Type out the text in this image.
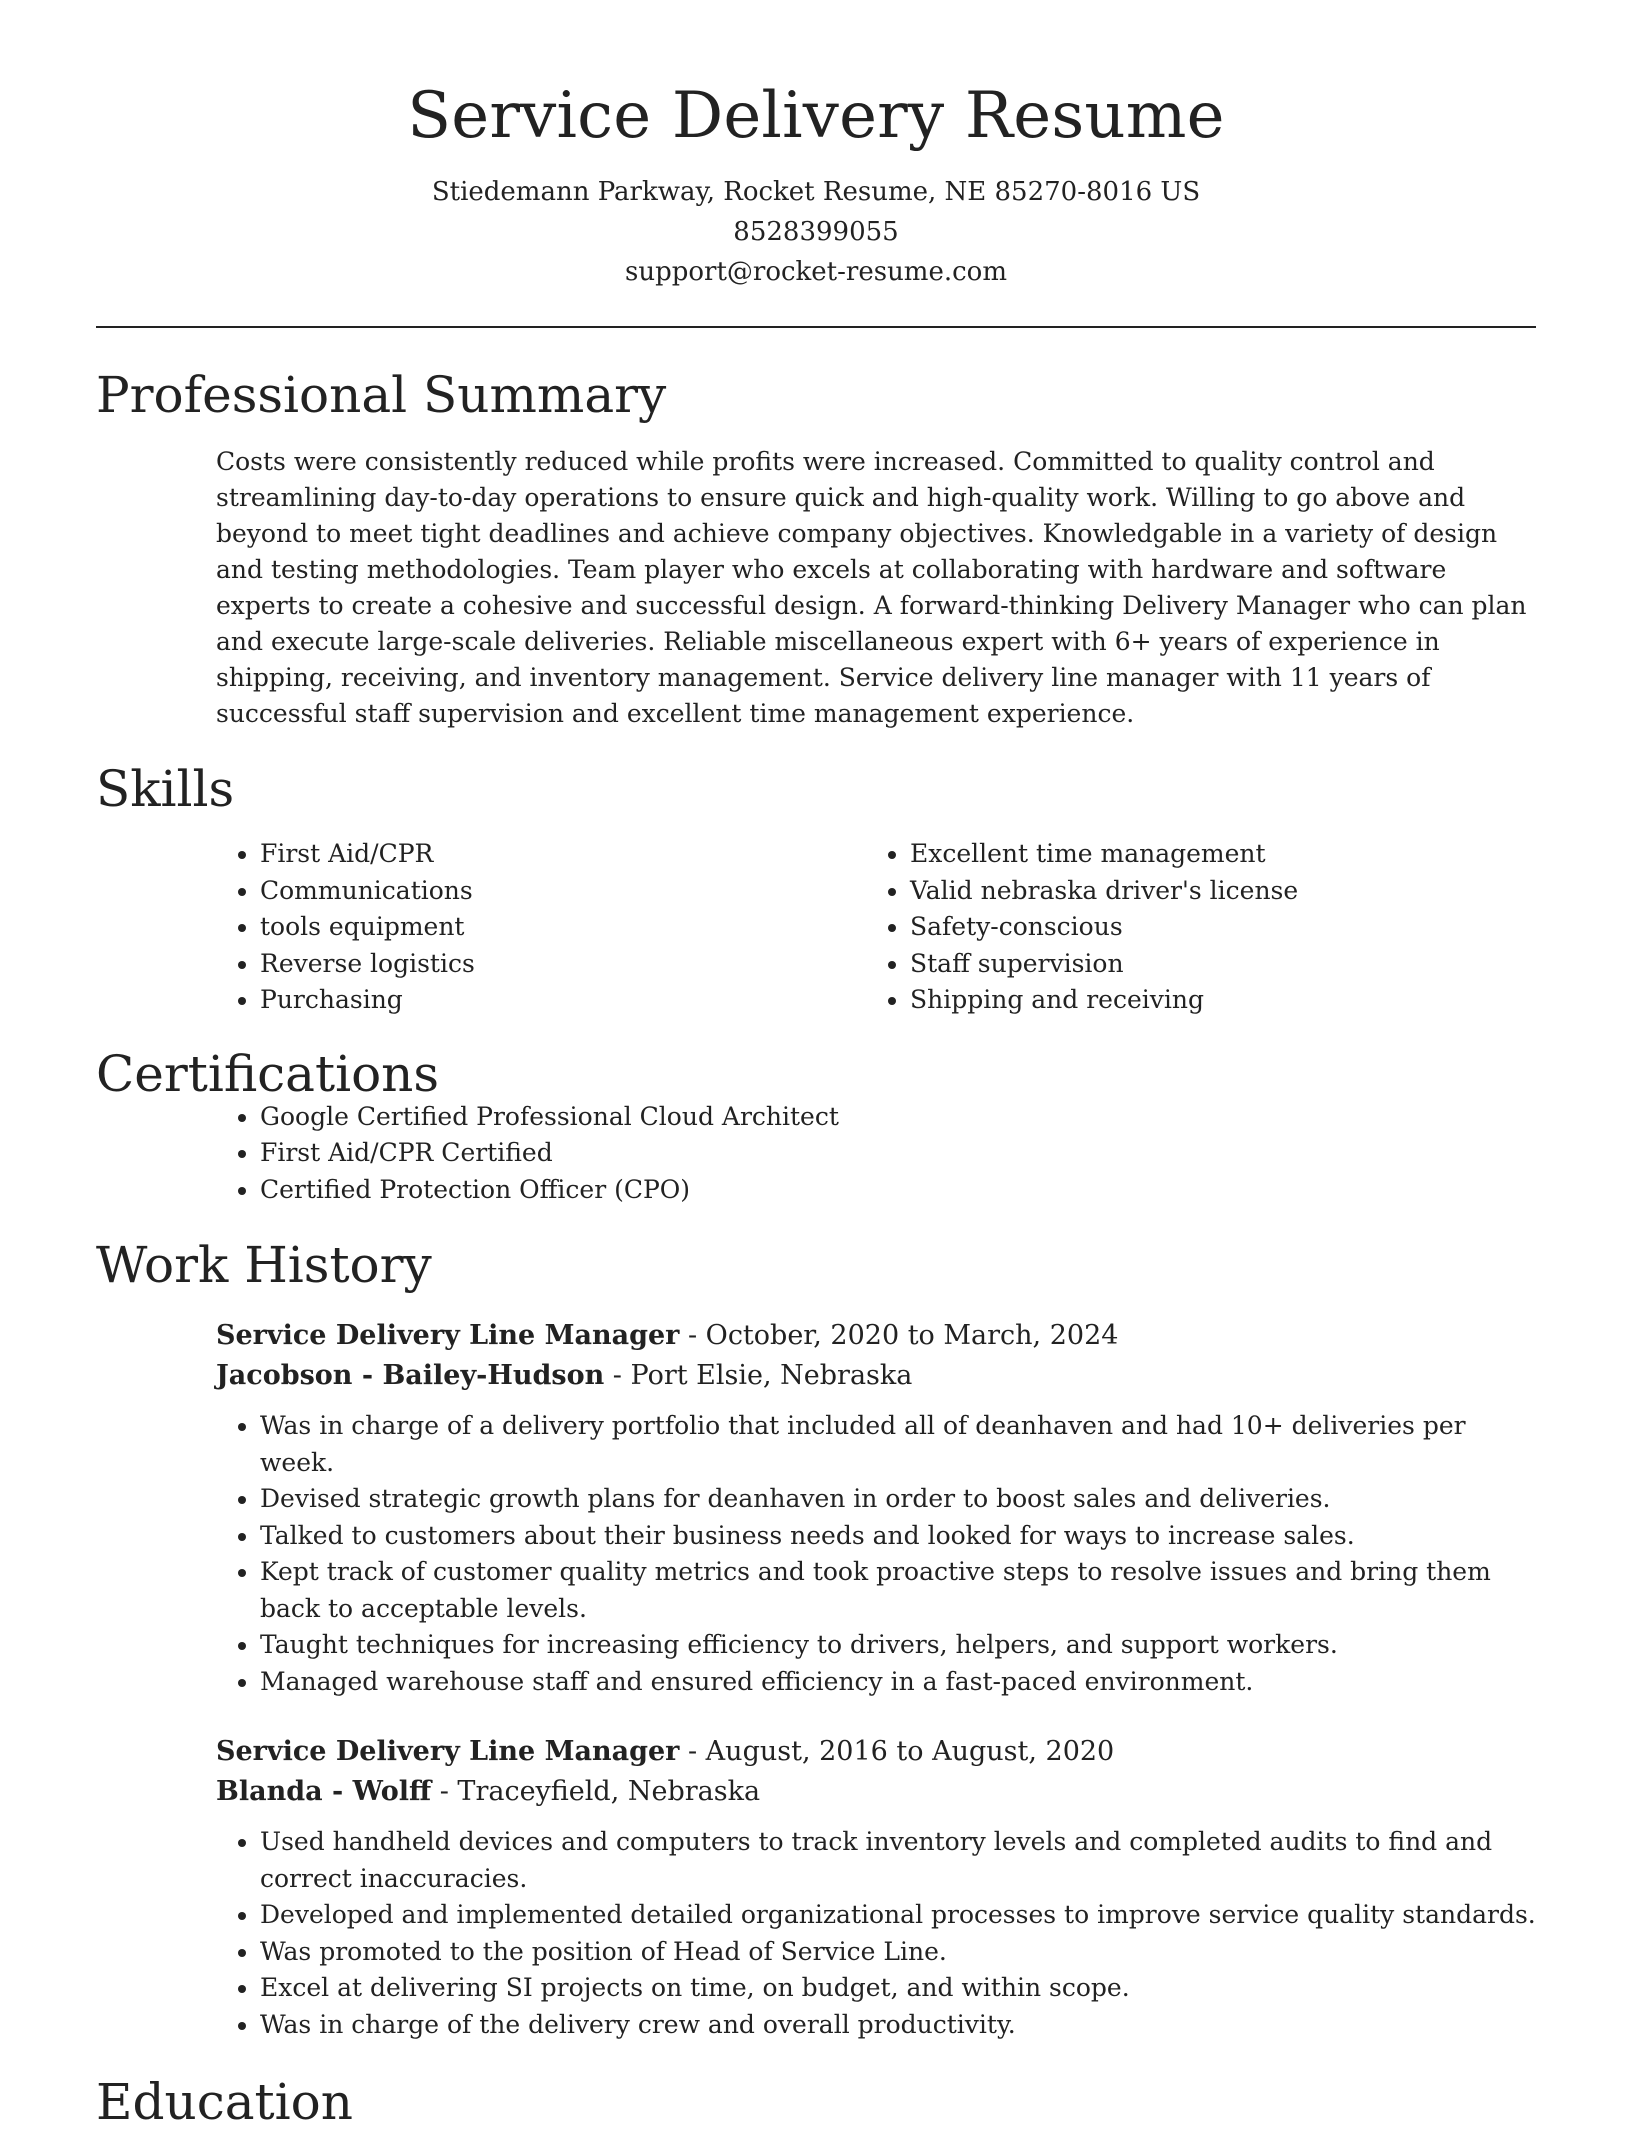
Service Delivery Resume

Stiedemann Parkway, Rocket Resume, NE 85270-8016 US

8528399055

support@rocket-resume.com

Professional Summary

Costs were consistently reduced while profits were increased. Committed to quality control and streamlining day-to-day operations to ensure quick and high-quality work. Willing to go above and beyond to meet tight deadlines and achieve company objectives. Knowledgable in a variety of design and testing methodologies. Team player who excels at collaborating with hardware and software experts to create a cohesive and successful design. A forward-thinking Delivery Manager who can plan and execute large-scale deliveries. Reliable miscellaneous expert with 6+ years of experience in shipping, receiving, and inventory management. Service delivery line manager with 11 years of successful staff supervision and excellent time management experience.

Skills
• First Aid/CPR
• Communications
• tools equipment
• Reverse logistics
• Purchasing
• Excellent time management
• Valid nebraska driver's license
• Safety-conscious
• Staff supervision
• Shipping and receiving
Certifications
• Google Certified Professional Cloud Architect
• First Aid/CPR Certified
• Certified Protection Officer (CPO)
Work History

Service Delivery Line Manager - October, 2020 to March, 2024

Jacobson - Bailey-Hudson - Port Elsie, Nebraska

• Was in charge of a delivery portfolio that included all of deanhaven and had 10+ deliveries per week.
• Devised strategic growth plans for deanhaven in order to boost sales and deliveries.
• Talked to customers about their business needs and looked for ways to increase sales.
• Kept track of customer quality metrics and took proactive steps to resolve issues and bring them back to acceptable levels.
• Taught techniques for increasing efficiency to drivers, helpers, and support workers.
• Managed warehouse staff and ensured efficiency in a fast-paced environment.

Service Delivery Line Manager - August, 2016 to August, 2020

Blanda - Wolff - Traceyfield, Nebraska

• Used handheld devices and computers to track inventory levels and completed audits to find and correct inaccuracies.
• Developed and implemented detailed organizational processes to improve service quality standards.
• Was promoted to the position of Head of Service Line.
• Excel at delivering SI projects on time, on budget, and within scope.
• Was in charge of the delivery crew and overall productivity.
Education
